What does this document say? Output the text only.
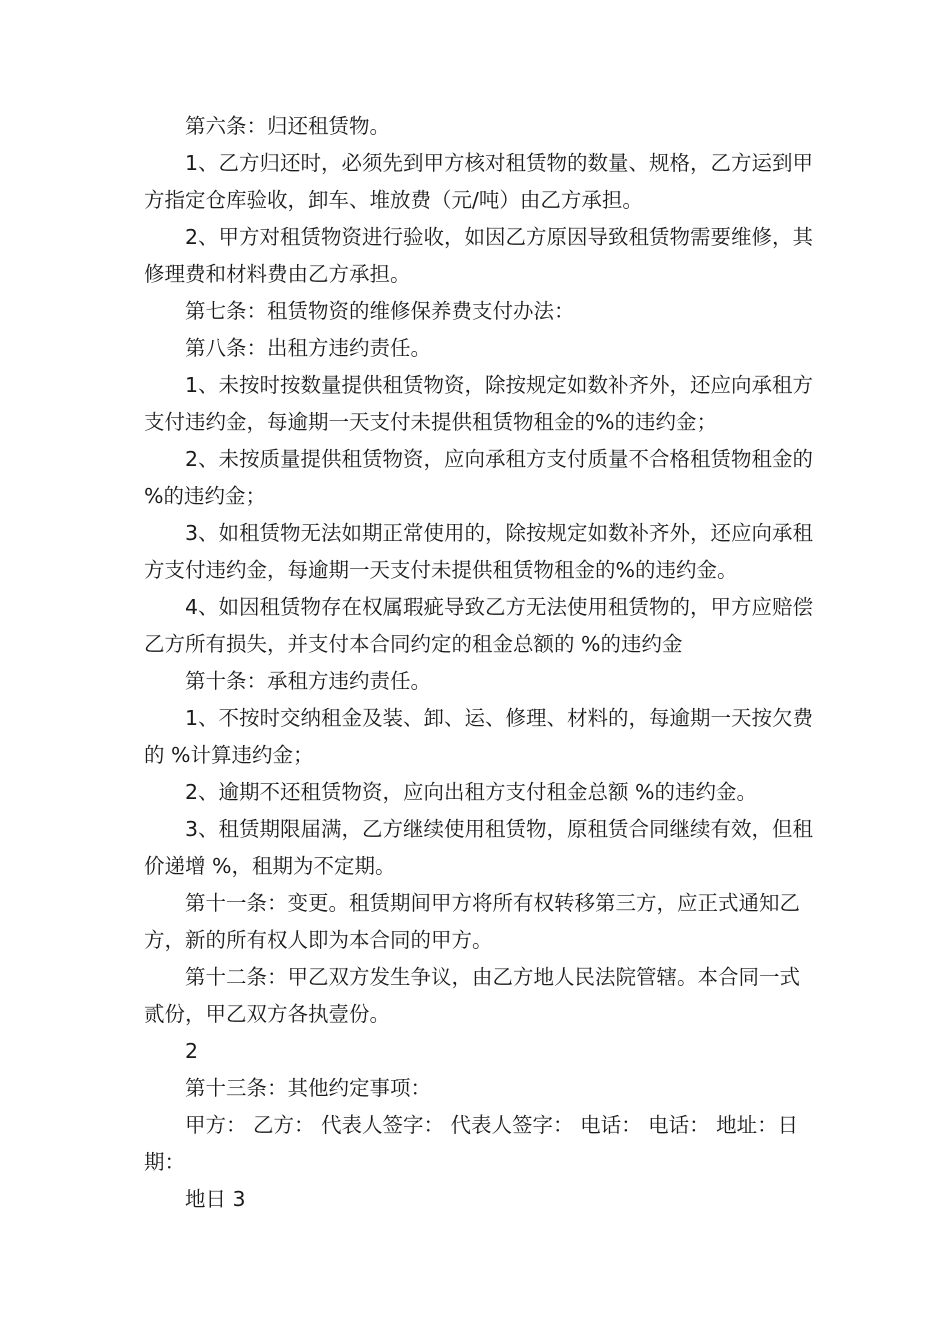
第六条：归还租赁物。

1、乙方归还时，必须先到甲方核对租赁物的数量、规格，乙方运到甲方指定仓库验收，卸车、堆放费（元/吨）由乙方承担。

2、甲方对租赁物资进行验收，如因乙方原因导致租赁物需要维修，其修理费和材料费由乙方承担。

第七条：租赁物资的维修保养费支付办法：

第八条：出租方违约责任。

1、未按时按数量提供租赁物资，除按规定如数补齐外，还应向承租方支付违约金，每逾期一天支付未提供租赁物租金的%的违约金；

2、未按质量提供租赁物资，应向承租方支付质量不合格租赁物租金的 %的违约金；

3、如租赁物无法如期正常使用的，除按规定如数补齐外，还应向承租方支付违约金，每逾期一天支付未提供租赁物租金的%的违约金。

4、如因租赁物存在权属瑕疵导致乙方无法使用租赁物的，甲方应赔偿乙方所有损失，并支付本合同约定的租金总额的 %的违约金

第十条：承租方违约责任。

1、不按时交纳租金及装、卸、运、修理、材料的，每逾期一天按欠费的 %计算违约金；

2、逾期不还租赁物资，应向出租方支付租金总额 %的违约金。

3、租赁期限届满，乙方继续使用租赁物，原租赁合同继续有效，但租价递增 %，租期为不定期。

第十一条：变更。租赁期间甲方将所有权转移第三方，应正式通知乙方，新的所有权人即为本合同的甲方。

第十二条：甲乙双方发生争议，由乙方地人民法院管辖。本合同一式贰份，甲乙双方各执壹份。

2

第十三条：其他约定事项：

甲方： 乙方： 代表人签字： 代表人签字： 电话： 电话： 地址：日期：

地日 3
